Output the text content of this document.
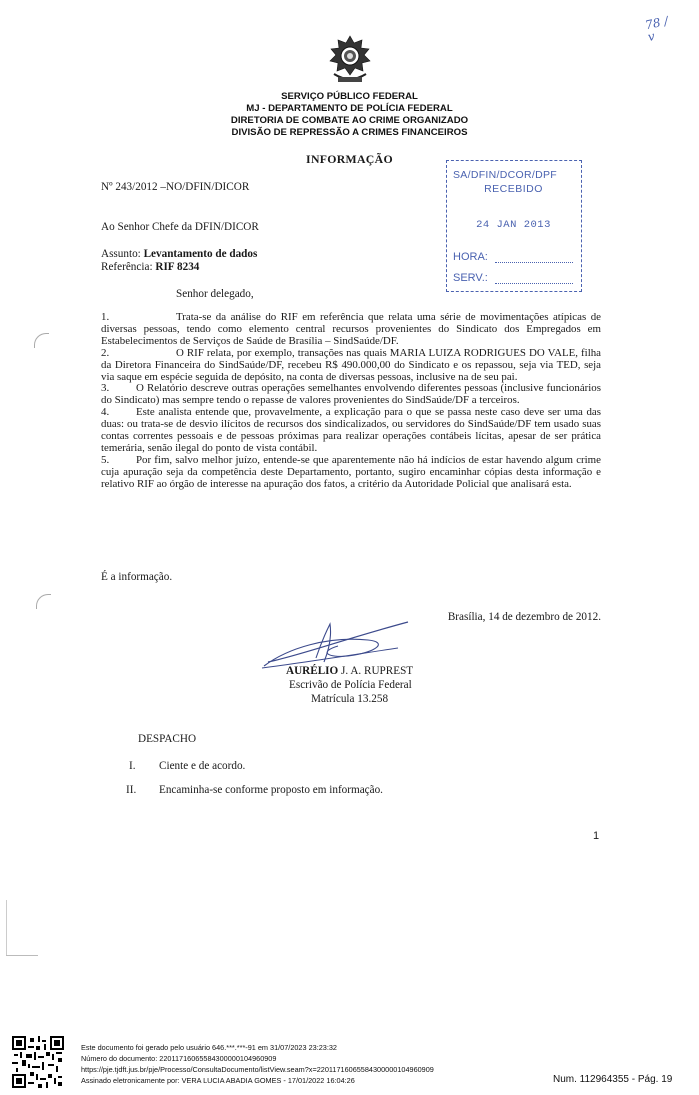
78 / v
SERVIÇO PÚBLICO FEDERAL
MJ - DEPARTAMENTO DE POLÍCIA FEDERAL
DIRETORIA DE COMBATE AO CRIME ORGANIZADO
DIVISÃO DE REPRESSÃO A CRIMES FINANCEIROS
INFORMAÇÃO
Nº 243/2012 –NO/DFIN/DICOR
SA/DFIN/DCOR/DPF
RECEBIDO
24 JAN 2013
HORA:
SERV.:
Ao Senhor Chefe da DFIN/DICOR
Assunto: Levantamento de dados
Referência: RIF 8234
Senhor delegado,

1.	Trata-se da análise do RIF em referência que relata uma série de movimentações atípicas de diversas pessoas, tendo como elemento central recursos provenientes do Sindicato dos Empregados em Estabelecimentos de Serviços de Saúde de Brasília – SindSaúde/DF.

2.	O RIF relata, por exemplo, transações nas quais MARIA LUIZA RODRIGUES DO VALE, filha da Diretora Financeira do SindSaúde/DF, recebeu R$ 490.000,00 do Sindicato e os repassou, seja via TED, seja via saque em espécie seguida de depósito, na conta de diversas pessoas, inclusive na de seu pai.

3. O Relatório descreve outras operações semelhantes envolvendo diferentes pessoas (inclusive funcionários do Sindicato) mas sempre tendo o repasse de valores provenientes do SindSaúde/DF a terceiros.

4. Este analista entende que, provavelmente, a explicação para o que se passa neste caso deve ser uma das duas: ou trata-se de desvio ilícitos de recursos dos sindicalizados, ou servidores do SindSaúde/DF tem usado suas contas correntes pessoais e de pessoas próximas para realizar operações contábeis lícitas, apesar de ser prática temerária, senão ilegal do ponto de vista contábil.

5. Por fim, salvo melhor juízo, entende-se que aparentemente não há indícios de estar havendo algum crime cuja apuração seja da competência deste Departamento, portanto, sugiro encaminhar cópias desta informação e relativo RIF ao órgão de interesse na apuração dos fatos, a critério da Autoridade Policial que analisará esta.

É a informação.
Brasília, 14 de dezembro de 2012.
AURÉLIO J. A. RUPREST
Escrivão de Polícia Federal
Matrícula 13.258
DESPACHO
I. Ciente e de acordo.
II. Encaminha-se conforme proposto em informação.
1
Este documento foi gerado pelo usuário 646.***.***-91 em 31/07/2023 23:23:32
Número do documento: 22011716065584300000104960909
https://pje.tjdft.jus.br/pje/Processo/ConsultaDocumento/listView.seam?x=22011716065584300000104960909
Assinado eletronicamente por: VERA LUCIA ABADIA GOMES - 17/01/2022 16:04:26	Num. 112964355 - Pág. 19
